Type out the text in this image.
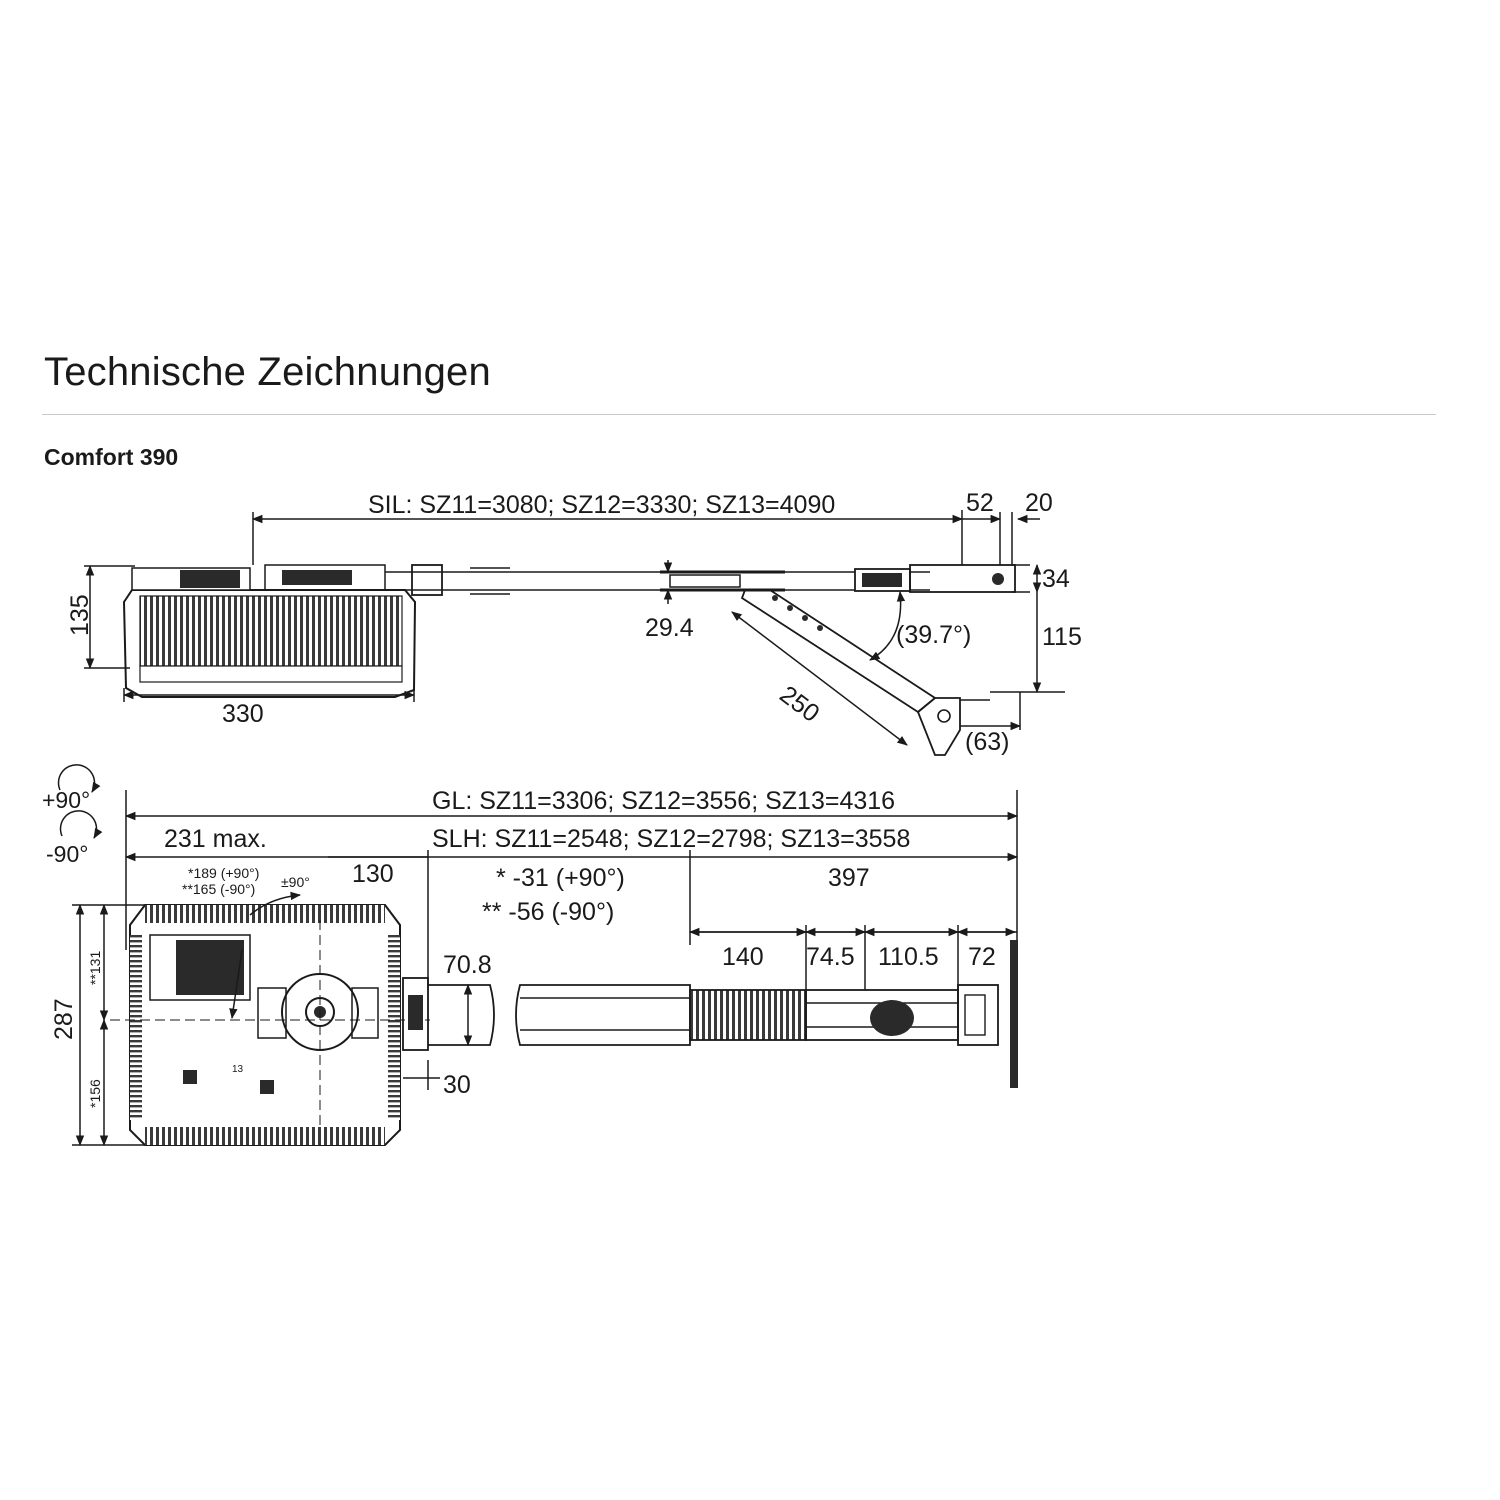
Technische Zeichnungen
Comfort 390
SIL: SZ11=3080; SZ12=3330; SZ13=4090	52 20
135
330
29.4
34
115
(39.7°)
250
(63)
+90°
-90°
GL: SZ11=3306; SZ12=3556; SZ13=4316
231 max.	SLH: SZ11=2548; SZ12=2798; SZ13=3558
*189 (+90°)
**165 (-90°) ±90° 130	* -31 (+90°)
** -56 (-90°)
397
140 74.5 110.5 72
70.8
287
**131
*156
13
30
